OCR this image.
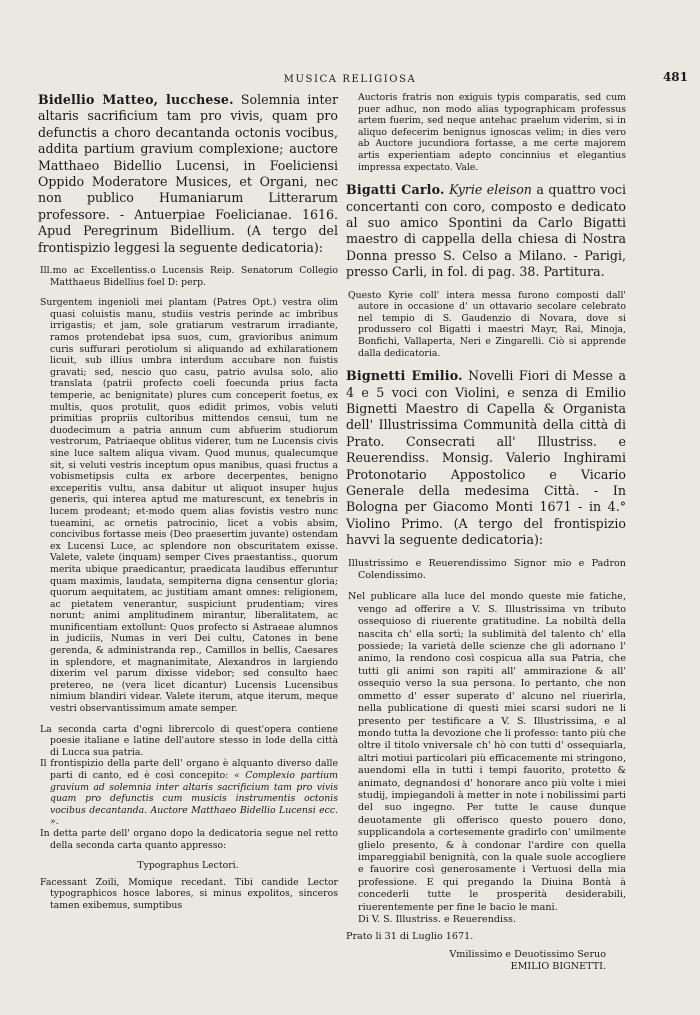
MUSICA RELIGIOSA	481

Bidellio Matteo, lucchese. Solemnia inter altaris sacrificium tam pro vivis, quam pro defunctis a choro decantanda octonis vocibus, addita partium gravium complexione; auctore Matthaeo Bidellio Lucensi, in Foeliciensi Oppido Moderatore Musices, et Organi, nec non publico Humaniarum Litterarum professore. - Antuerpiae Foelicianae. 1616. Apud Peregrinum Bidellium. (A tergo del frontispizio leggesi la seguente dedicatoria):

Ill.mo ac Excellentiss.o Lucensis Reip. Senatorum Collegio Matthaeus Bidellius foel D: perp.

Surgentem ingenioli mei plantam (Patres Opt.) vestra olim quasi coluistis manu, studiis vestris perinde ac imbribus irrigastis; et jam, sole gratiarum vestrarum irradiante, ramos protendebat ipsa suos, cum, gravioribus animum curis suffurari perotiolum si aliquando ad exhilarationem licuit, sub illius umbra interdum accubare non fuistis gravati; sed, nescio quo casu, patrio avulsa solo, alio translata (patrii profecto coeli foecunda prius facta temperie, ac benignitate) plures cum conceperit foetus, ex multis, quos protulit, quos edidit primos, vobis veluti primitias propriis cultoribus mittendos censui, tum ne duodecimum a patria annum cum abfuerim studiorum vestrorum, Patriaeque oblitus viderer, tum ne Lucensis civis sine luce saltem aliqua vivam. Quod munus, qualecumque sit, si veluti vestris inceptum opus manibus, quasi fructus a vobismetipsis culta ex arbore decerpentes, benigno exceperitis vultu, ansa dabitur ut aliquot insuper hujus generis, qui interea aptud me maturescunt, ex tenebris in lucem prodeant; et-modo quem alias fovistis vestro nunc tueamini, ac ornetis patrocinio, licet a vobis absim, concivibus fortasse meis (Deo praesertim juvante) ostendam ex Lucensi Luce, ac splendore non obscuritatem exisse. Valete, valete (inquam) semper Cives praestantiss., quorum merita ubique praedicantur, praedicata laudibus efferuntur quam maximis, laudata, sempiterna digna censentur gloria; quorum aequitatem, ac justitiam amant omnes: religionem, ac pietatem venerantur, suspiciunt prudentiam; vires norunt; animi amplitudinem mirantur, liberalitatem, ac munificentiam extollunt: Quos profecto si Astraeae alumnos in judiciis, Numas in veri Dei cultu, Catones in bene gerenda, & administranda rep., Camillos in bellis, Caesares in splendore, et magnanimitate, Alexandros in largiendo dixerim vel parum dixisse videbor; sed consulto haec pretereo, ne (vera licet dicantur) Lucensis Lucensibus nimium blandiri videar. Valete iterum, atque iterum, meque vestri observantissimum amate semper.

La seconda carta d'ogni librercolo di quest'opera contiene poesie italiane e latine dell'autore stesso in lode della città di Lucca sua patria.

Il frontispizio della parte dell' organo è alquanto diverso dalle parti di canto, ed è così concepito: « Complexio partium gravium ad solemnia inter altaris sacrificium tam pro vivis quam pro defunctis cum musicis instrumentis octonis vocibus decantanda. Auctore Matthaeo Bidellio Lucensi ecc. ».

In detta parte dell' organo dopo la dedicatoria segue nel retto della seconda carta quanto appresso:

Typographus Lectori.

Facessant Zoili, Momique recedant. Tibi candide Lector typographicos hosce labores, si minus expolitos, sinceros tamen exibemus, sumptibus

Auctoris fratris non exiguis typis comparatis, sed cum puer adhuc, non modo alias typographicam professus artem fuerim, sed neque antehac praelum viderim, si in aliquo defecerim benignus ignoscas velim; in dies vero ab Auctore jucundiora fortasse, a me certe majorem artis experientiam adepto concinnius et elegantius impressa expectato. Vale.

Bigatti Carlo. Kyrie eleison a quattro voci concertanti con coro, composto e dedicato al suo amico Spontini da Carlo Bigatti maestro di cappella della chiesa di Nostra Donna presso S. Celso a Milano. - Parigi, presso Carli, in fol. di pag. 38. Partitura.

Questo Kyrie coll' intera messa furono composti dall' autore in occasione d' un ottavario secolare celebrato nel tempio di S. Gaudenzio di Novara, dove si produssero col Bigatti i maestri Mayr, Rai, Minoja, Bonfichi, Vallaperta, Neri e Zingarelli. Ciò si apprende dalla dedicatoria.

Bignetti Emilio. Novelli Fiori di Messe a 4 e 5 voci con Violini, e senza di Emilio Bignetti Maestro di Capella & Organista dell' Illustrissima Communità della città di Prato. Consecrati all' Illustriss. e Reuerendiss. Monsig. Valerio Inghirami Protonotario Appostolico e Vicario Generale della medesima Città. - In Bologna per Giacomo Monti 1671 - in 4.° Violino Primo. (A tergo del frontispizio havvi la seguente dedicatoria):

Illustrissimo e Reuerendissimo Signor mio e Padron Colendissimo.

Nel publicare alla luce del mondo queste mie fatiche, vengo ad offerire a V. S. Illustrissima vn tributo ossequioso di riuerente gratitudine. La nobiltà della nascita ch' ella sortì; la sublimità del talento ch' ella possiede; la varietà delle scienze che gli adornano l' animo, la rendono così cospicua alla sua Patria, che tutti gli animi son rapiti all' ammirazione & all' ossequio verso la sua persona. Io pertanto, che non ommetto d' esser superato d' alcuno nel riuerirla, nella publicatione di questi miei scarsi sudori ne li presento per testificare a V. S. Illustrissima, e al mondo tutta la devozione che li professo: tanto più che oltre il titolo vniversale ch' hò con tutti d' ossequiarla, altri motiui particolari più efficacemente mi stringono, auendomi ella in tutti i tempi fauorito, protetto & animato, degnandosi d' honorare anco più volte i miei studij, impiegandoli à metter in note i nobilissimi parti del suo ingegno. Per tutte le cause dunque deuotamente gli offerisco questo pouero dono, supplicandola a cortesemente gradirlo con' umilmente glielo presento, & à condonar l'ardire con quella impareggiabil benignità, con la quale suole accogliere e fauorire così generosamente i Vertuosi della mia professione. E qui pregando la Diuina Bontà à concederli tutte le prosperità desiderabili, riuerentemente per fine le bacio le mani.

Di V. S. Illustriss. e Reuerendiss.

Prato li 31 di Luglio 1671.

Vmilissimo e Deuotissimo Seruo

EMILIO BIGNETTI.
